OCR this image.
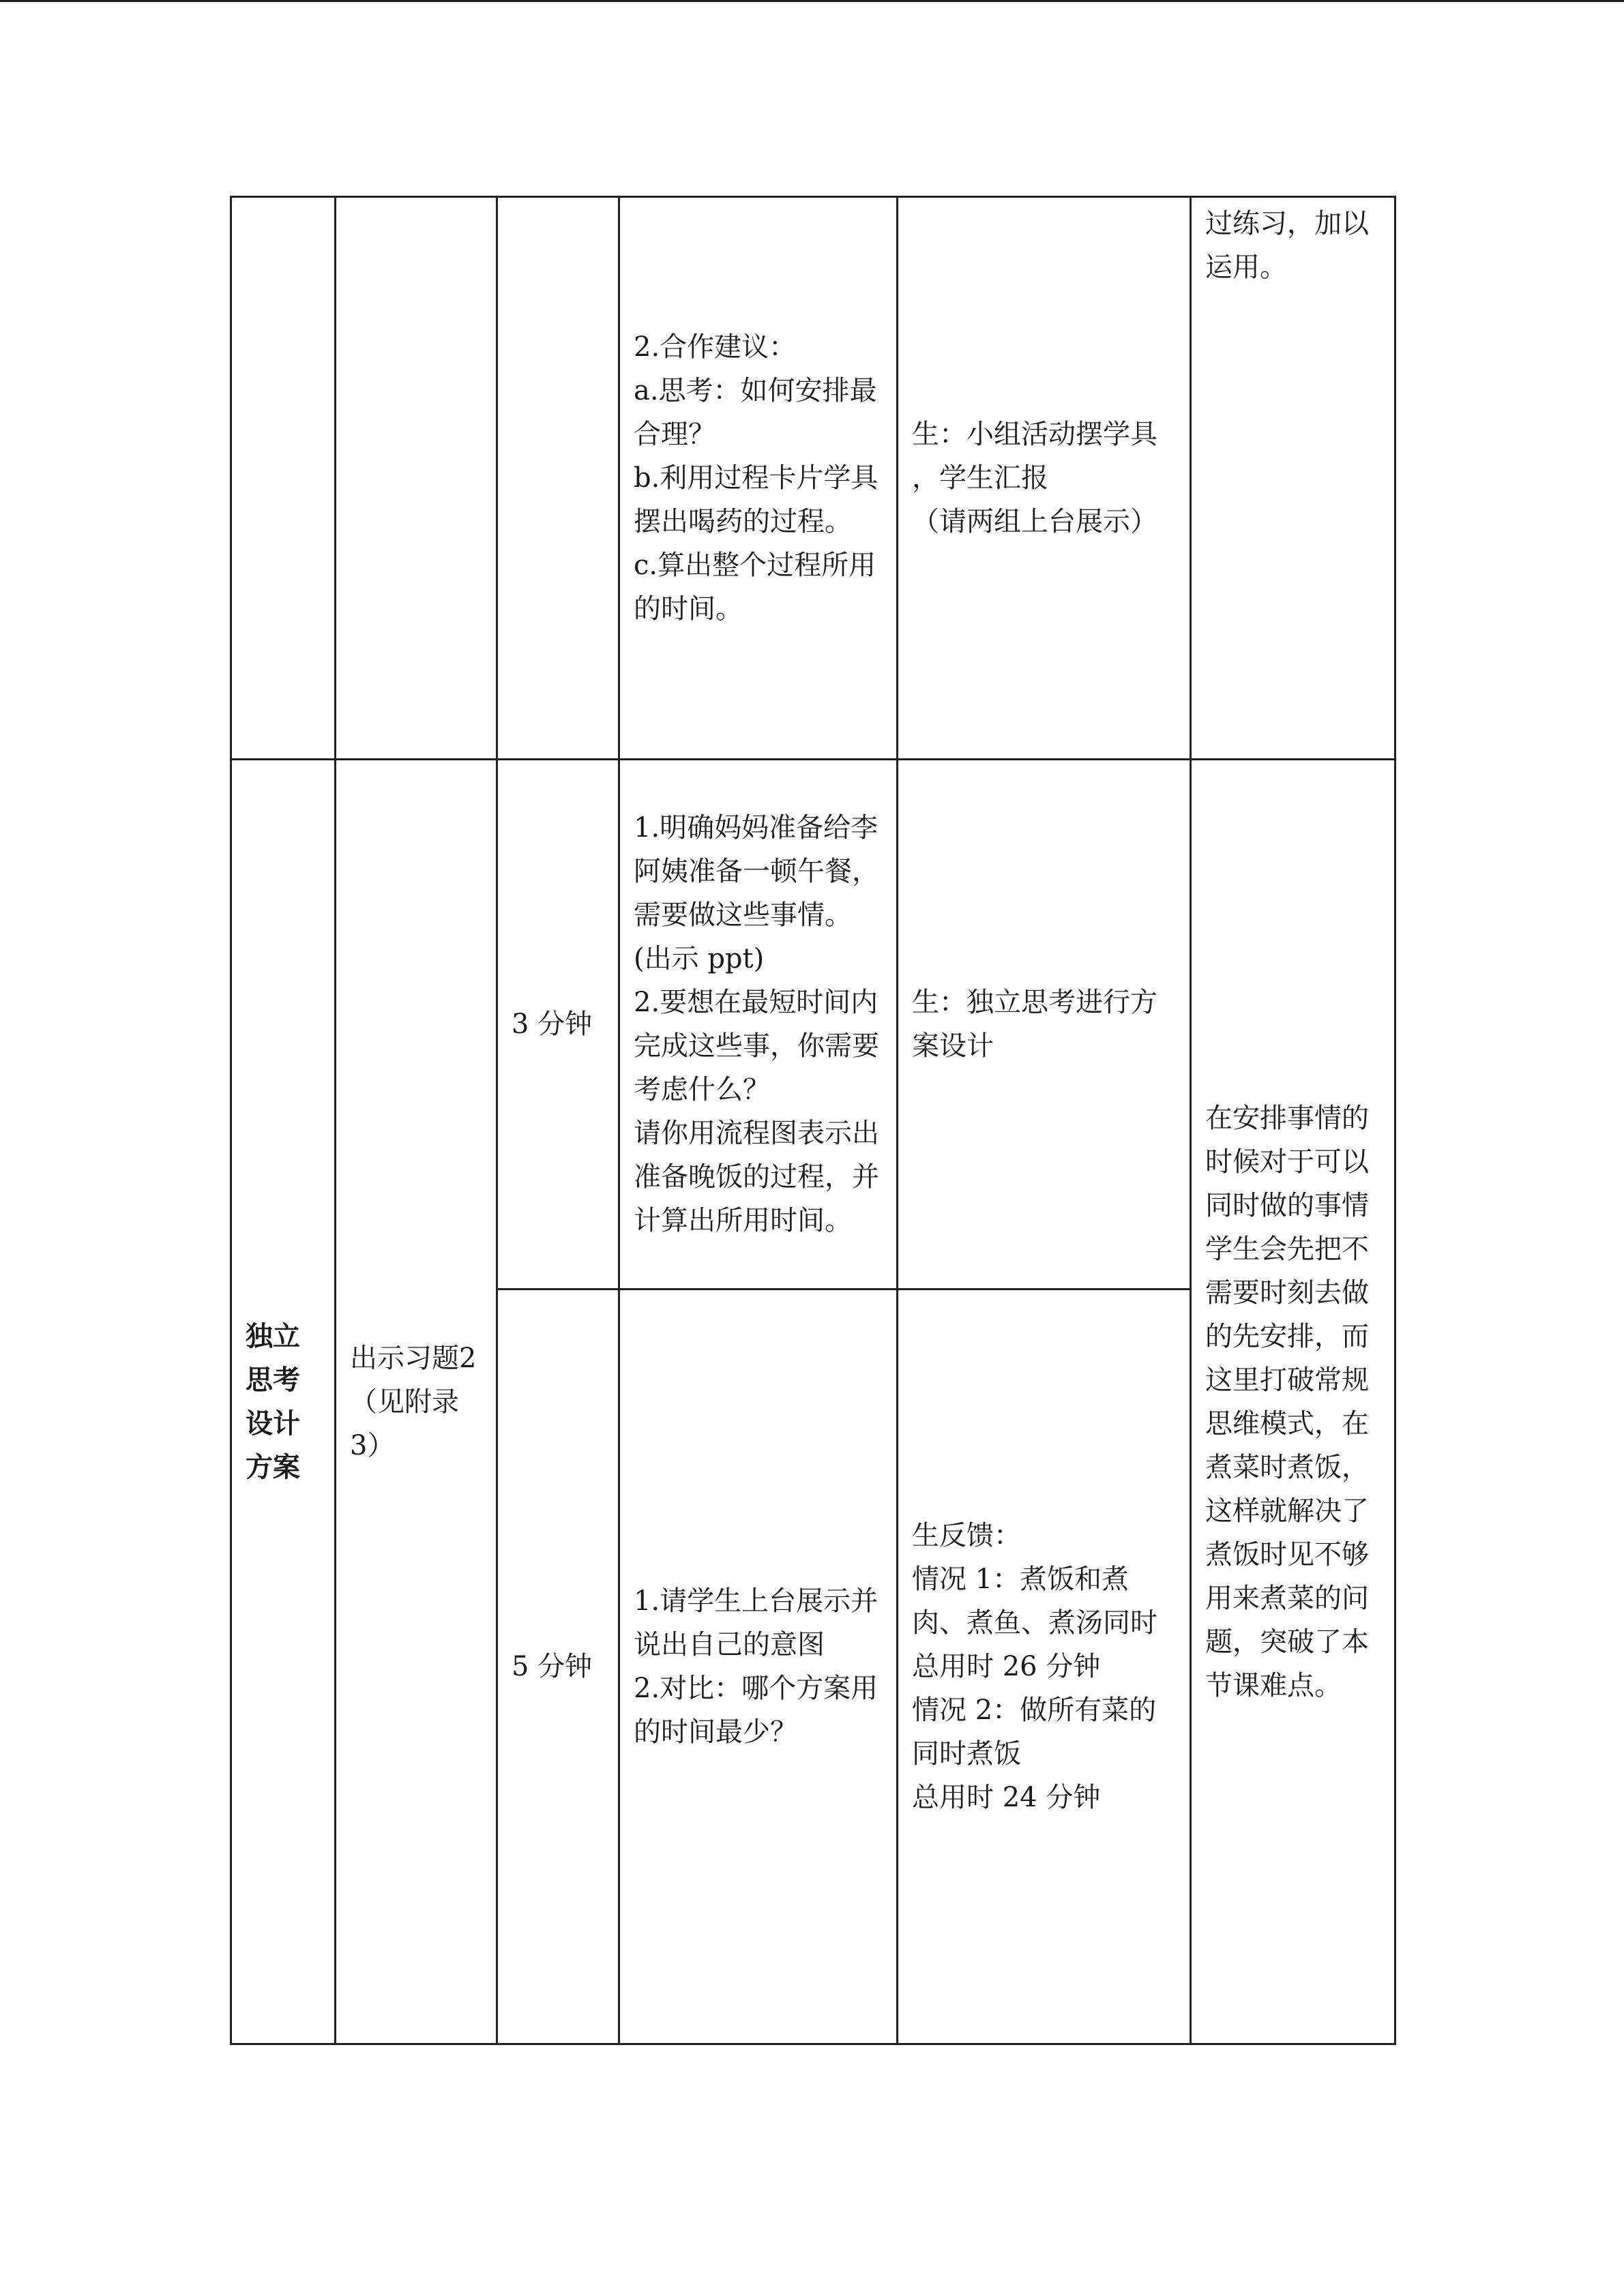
			2.合作建议：
a.思考：如何安排最合理？
b.利用过程卡片学具摆出喝药的过程。
c.算出整个过程所用的时间。	生：小组活动摆学具 ，学生汇报
（请两组上台展示）	过练习，加以运用。
独立思考设计方案	出示习题2（见附录3）	3 分钟	1.明确妈妈准备给李阿姨准备一顿午餐，需要做这些事情。(出示 ppt)
2.要想在最短时间内完成这些事，你需要考虑什么？
请你用流程图表示出准备晚饭的过程，并计算出所用时间。	生：独立思考进行方案设计	在安排事情的时候对于可以同时做的事情学生会先把不需要时刻去做的先安排，而这里打破常规思维模式，在煮菜时煮饭，这样就解决了煮饭时见不够用来煮菜的问题，突破了本节课难点。
		5 分钟	1.请学生上台展示并说出自己的意图
2.对比：哪个方案用的时间最少？	生反馈：
情况 1：煮饭和煮肉、煮鱼、煮汤同时
总用时 26 分钟
情况 2：做所有菜的同时煮饭
总用时 24 分钟	
